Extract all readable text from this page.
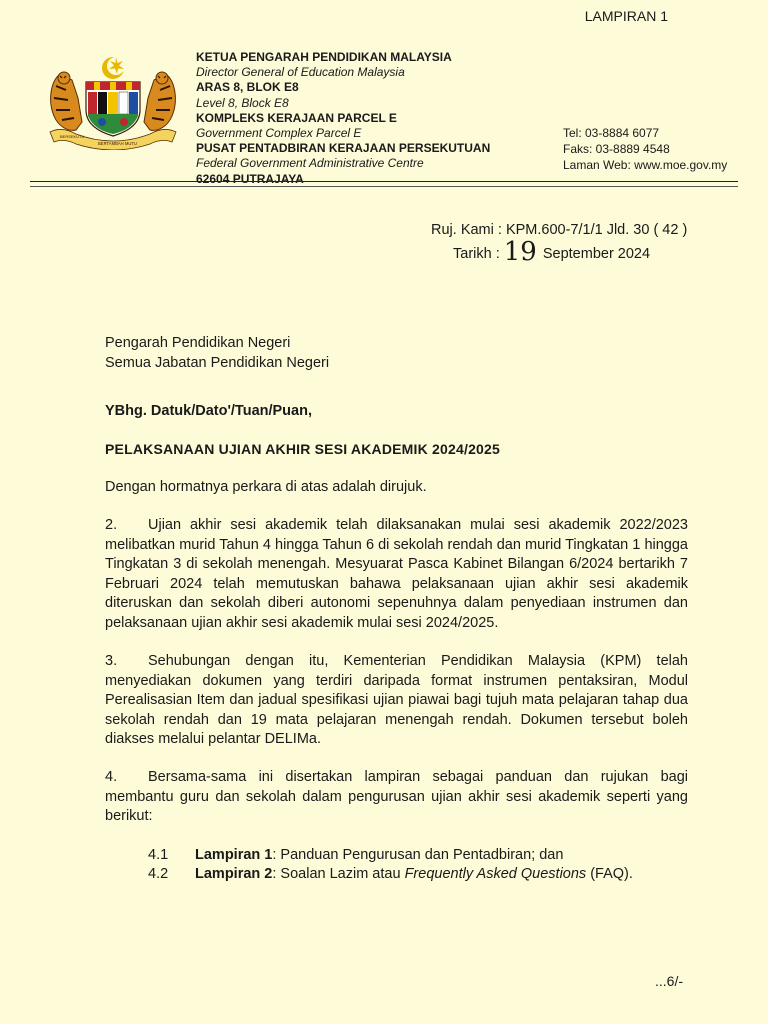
LAMPIRAN 1
BERSEKUTU
BERTAMBAH MUTU
KETUA PENGARAH PENDIDIKAN MALAYSIA
Director General of Education Malaysia
ARAS 8, BLOK E8
Level 8, Block E8
KOMPLEKS KERAJAAN PARCEL E
Government Complex Parcel E
PUSAT PENTADBIRAN KERAJAAN PERSEKUTUAN
Federal Government Administrative Centre
62604 PUTRAJAYA
Tel: 03-8884 6077
Faks: 03-8889 4548
Laman Web: www.moe.gov.my
Ruj. Kami : KPM.600-7/1/1 Jld. 30 ( 42 )
Tarikh : 19 September 2024
Pengarah Pendidikan Negeri
Semua Jabatan Pendidikan Negeri
YBhg. Datuk/Dato'/Tuan/Puan,
PELAKSANAAN UJIAN AKHIR SESI AKADEMIK 2024/2025
Dengan hormatnya perkara di atas adalah dirujuk.
2. Ujian akhir sesi akademik telah dilaksanakan mulai sesi akademik 2022/2023 melibatkan murid Tahun 4 hingga Tahun 6 di sekolah rendah dan murid Tingkatan 1 hingga Tingkatan 3 di sekolah menengah. Mesyuarat Pasca Kabinet Bilangan 6/2024 bertarikh 7 Februari 2024 telah memutuskan bahawa pelaksanaan ujian akhir sesi akademik diteruskan dan sekolah diberi autonomi sepenuhnya dalam penyediaan instrumen dan pelaksanaan ujian akhir sesi akademik mulai sesi 2024/2025.
3. Sehubungan dengan itu, Kementerian Pendidikan Malaysia (KPM) telah menyediakan dokumen yang terdiri daripada format instrumen pentaksiran, Modul Perealisasian Item dan jadual spesifikasi ujian piawai bagi tujuh mata pelajaran tahap dua sekolah rendah dan 19 mata pelajaran menengah rendah. Dokumen tersebut boleh diakses melalui pelantar DELIMa.
4. Bersama-sama ini disertakan lampiran sebagai panduan dan rujukan bagi membantu guru dan sekolah dalam pengurusan ujian akhir sesi akademik seperti yang berikut:
4.1 Lampiran 1: Panduan Pengurusan dan Pentadbiran; dan
4.2 Lampiran 2: Soalan Lazim atau Frequently Asked Questions (FAQ).
...6/-
